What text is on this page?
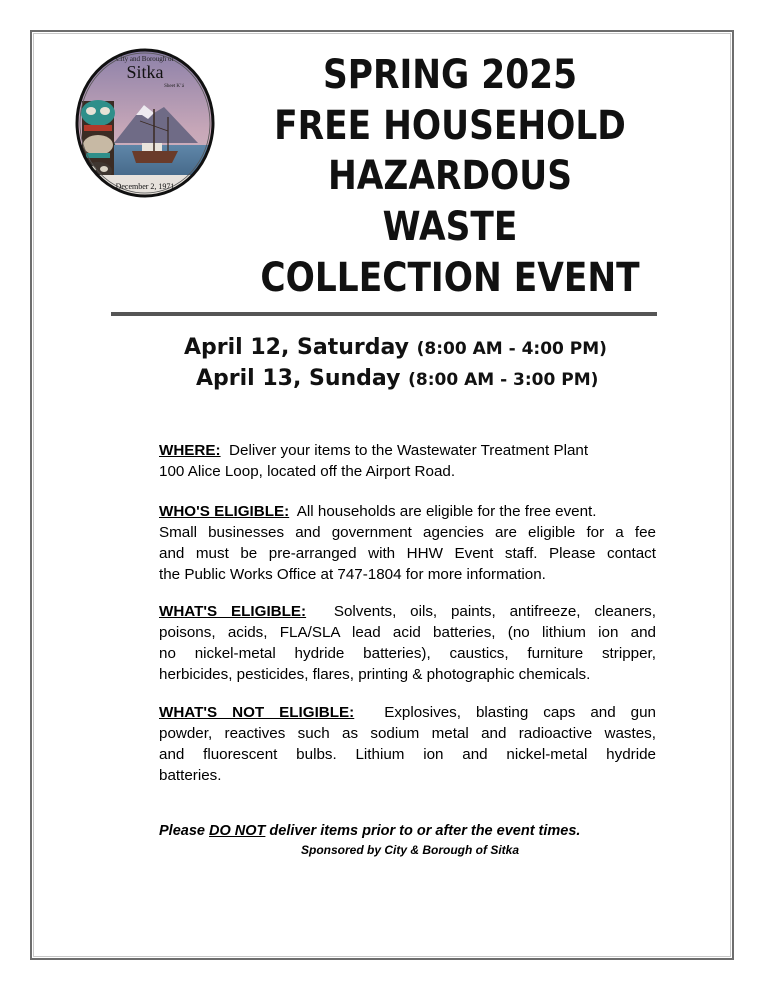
City and Borough of
Sitka
Sheet Kʼá
December 2, 1971
SPRING 2025
FREE HOUSEHOLD
HAZARDOUS
WASTE
COLLECTION EVENT
April 12, Saturday (8:00 AM - 4:00 PM)
April 13, Sunday (8:00 AM - 3:00 PM)
WHERE: Deliver your items to the Wastewater Treatment Plant
100 Alice Loop, located off the Airport Road.
WHO'S ELIGIBLE: All households are eligible for the free event.
Small businesses and government agencies are eligible for a fee
and must be pre-arranged with HHW Event staff. Please contact
the Public Works Office at 747-1804 for more information.
WHAT'S ELIGIBLE: Solvents, oils, paints, antifreeze, cleaners,
poisons, acids, FLA/SLA lead acid batteries, (no lithium ion and
no nickel-metal hydride batteries), caustics, furniture stripper,
herbicides, pesticides, flares, printing & photographic chemicals.
WHAT'S NOT ELIGIBLE: Explosives, blasting caps and gun
powder, reactives such as sodium metal and radioactive wastes,
and fluorescent bulbs. Lithium ion and nickel-metal hydride
batteries.
Please DO NOT deliver items prior to or after the event times.
Sponsored by City & Borough of Sitka
